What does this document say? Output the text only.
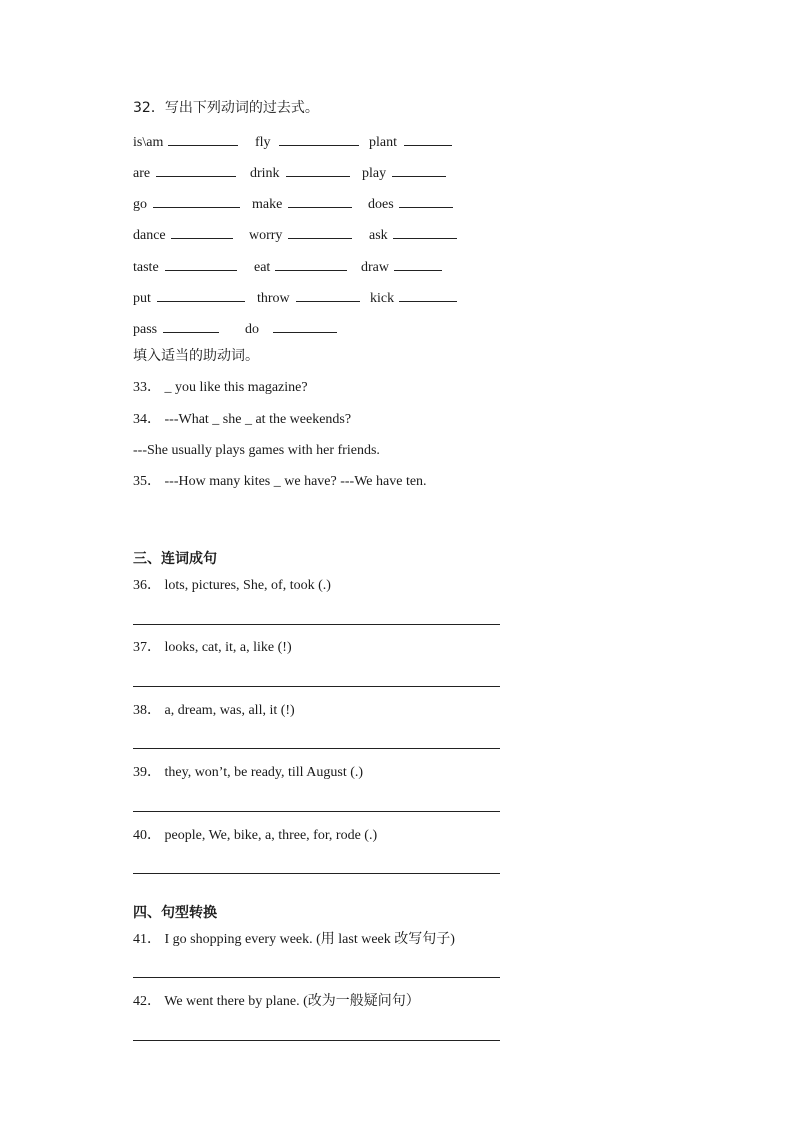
32．写出下列动词的过去式。
is\am	fly	plant
are	drink	play
go	make	does
dance	worry	ask
taste	eat	draw
put	throw	kick
pass	do
填入适当的助动词。
33． _ you like this magazine?
34． ---What _ she _ at the weekends?
---She usually plays games with her friends.
35． ---How many kites _ we have? ---We have ten.
三、连词成句
36． lots, pictures, She, of, took (.)
37． looks, cat, it, a, like (!)
38． a, dream, was, all, it (!)
39． they, won’t, be ready, till August (.)
40． people, We, bike, a, three, for, rode (.)
四、句型转换
41． I go shopping every week. (用 last week 改写句子)
42． We went there by plane. (改为一般疑问句）
